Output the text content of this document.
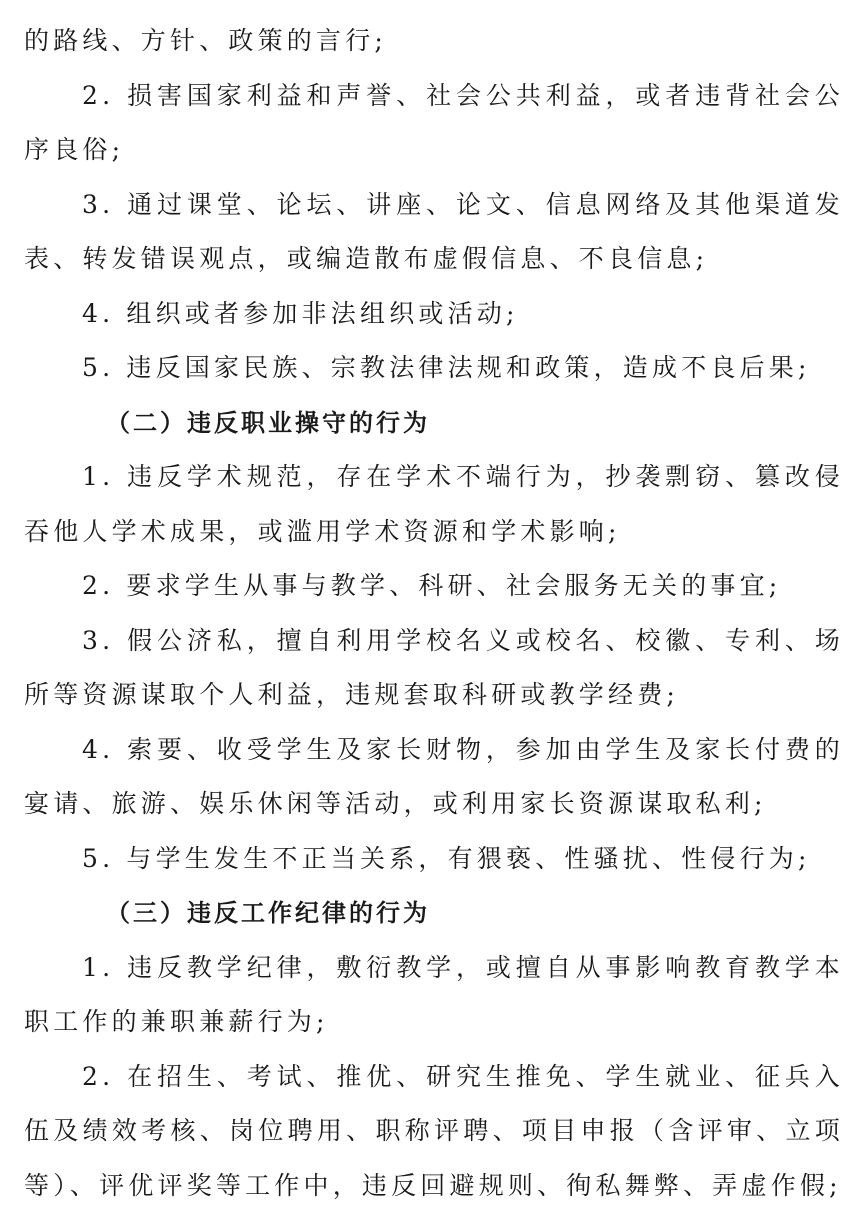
的路线、方针、政策的言行;

2. 损害国家利益和声誉、社会公共利益，或者违背社会公序良俗;

3. 通过课堂、论坛、讲座、论文、信息网络及其他渠道发表、转发错误观点，或编造散布虚假信息、不良信息;

4. 组织或者参加非法组织或活动;

5. 违反国家民族、宗教法律法规和政策，造成不良后果;

（二）违反职业操守的行为

1. 违反学术规范，存在学术不端行为，抄袭剽窃、篡改侵吞他人学术成果，或滥用学术资源和学术影响;

2. 要求学生从事与教学、科研、社会服务无关的事宜;

3. 假公济私，擅自利用学校名义或校名、校徽、专利、场所等资源谋取个人利益，违规套取科研或教学经费;

4. 索要、收受学生及家长财物，参加由学生及家长付费的宴请、旅游、娱乐休闲等活动，或利用家长资源谋取私利;

5. 与学生发生不正当关系，有猥亵、性骚扰、性侵行为;

（三）违反工作纪律的行为

1. 违反教学纪律，敷衍教学，或擅自从事影响教育教学本职工作的兼职兼薪行为;

2. 在招生、考试、推优、研究生推免、学生就业、征兵入伍及绩效考核、岗位聘用、职称评聘、项目申报（含评审、立项等）、评优评奖等工作中，违反回避规则、徇私舞弊、弄虚作假;
